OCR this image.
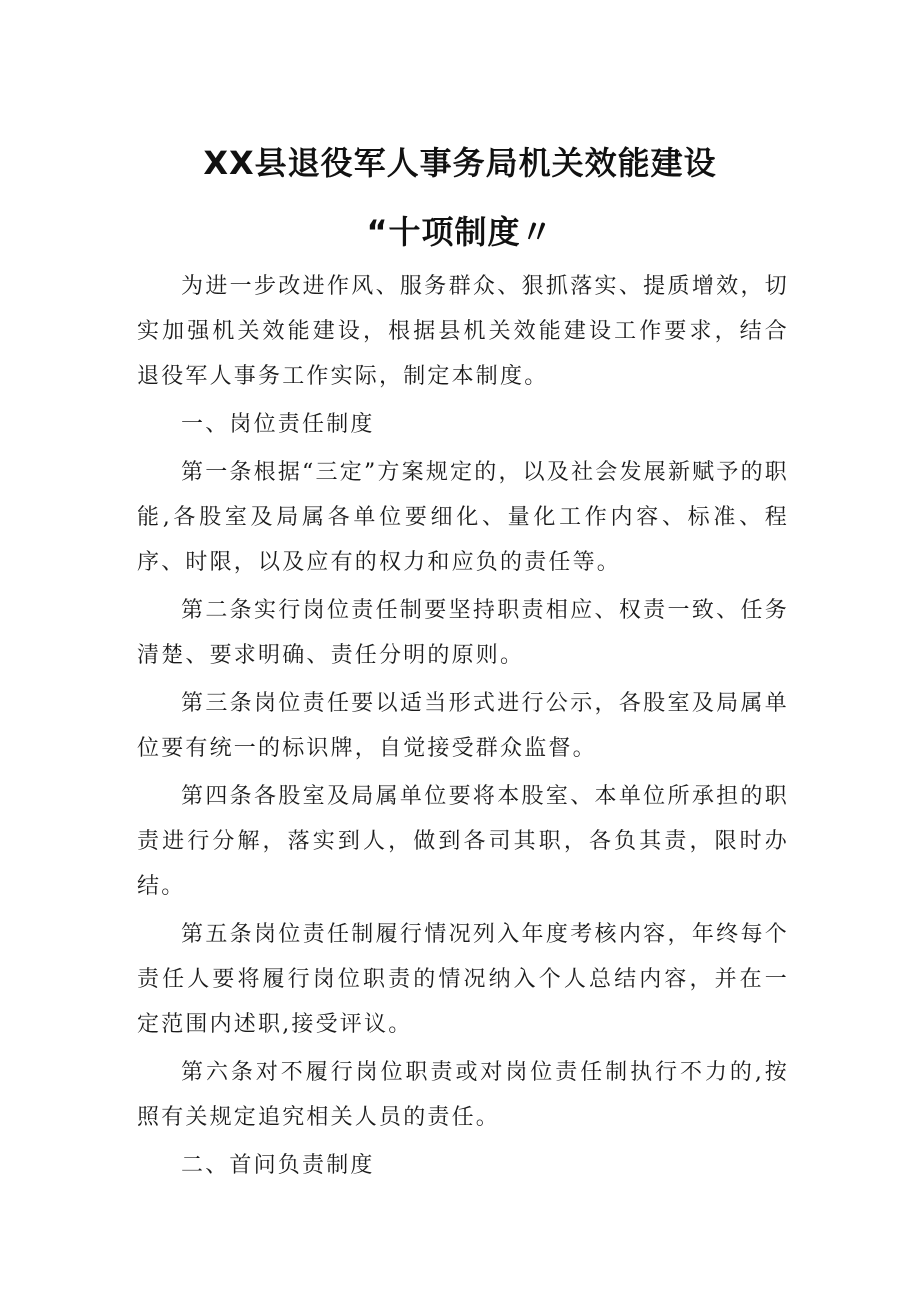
XX县退役军人事务局机关效能建设
“十项制度〃

为进一步改进作风、服务群众、狠抓落实、提质增效，切实加强机关效能建设，根据县机关效能建设工作要求，结合退役军人事务工作实际，制定本制度。

一、岗位责任制度

第一条根据“三定”方案规定的，以及社会发展新赋予的职能,各股室及局属各单位要细化、量化工作内容、标准、程序、时限，以及应有的权力和应负的责任等。

第二条实行岗位责任制要坚持职责相应、权责一致、任务清楚、要求明确、责任分明的原则。

第三条岗位责任要以适当形式进行公示，各股室及局属单位要有统一的标识牌，自觉接受群众监督。

第四条各股室及局属单位要将本股室、本单位所承担的职责进行分解，落实到人，做到各司其职，各负其责，限时办结。

第五条岗位责任制履行情况列入年度考核内容，年终每个责任人要将履行岗位职责的情况纳入个人总结内容，并在一定范围内述职,接受评议。

第六条对不履行岗位职责或对岗位责任制执行不力的,按照有关规定追究相关人员的责任。

二、首问负责制度
